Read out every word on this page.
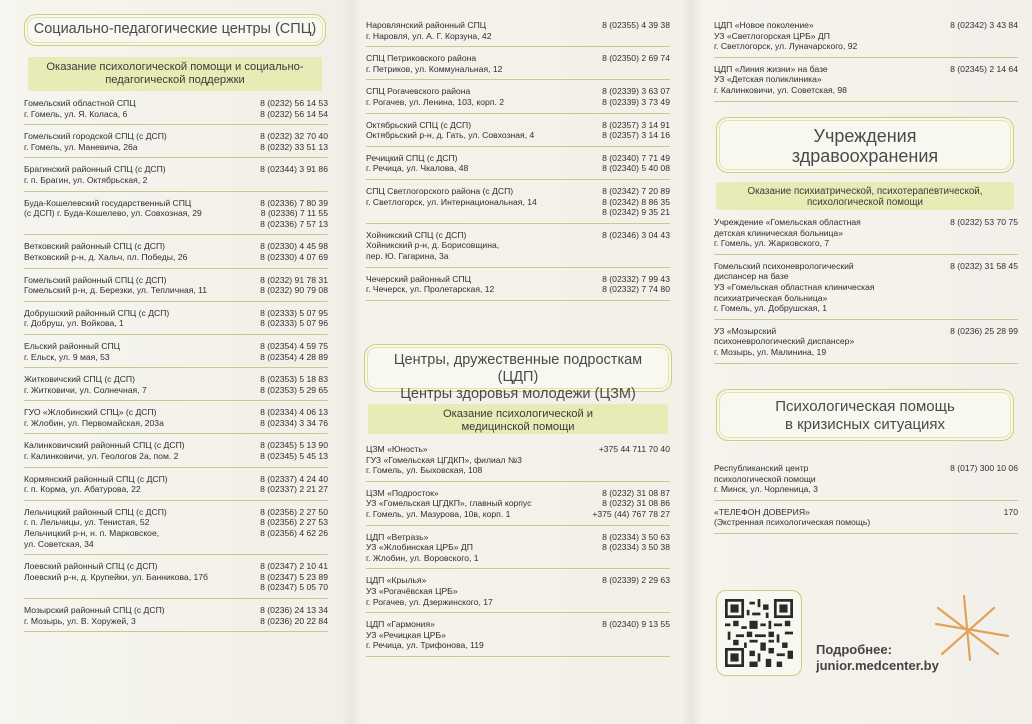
Социально-педагогические центры (СПЦ)
Оказание психологической помощи и социально-педагогической поддержки
Гомельский областной СПЦ
г. Гомель, ул. Я. Коласа, 6
8 (0232) 56 14 53
8 (0232) 56 14 54
Гомельский городской СПЦ (с ДСП)
г. Гомель, ул. Маневича, 26а
8 (0232) 32 70 40
8 (0232) 33 51 13
Брагинский районный СПЦ (с ДСП)
г. п. Брагин, ул. Октябрьская, 2
8 (02344) 3 91 86
Буда-Кошелевский государственный СПЦ
(с ДСП) г. Буда-Кошелево, ул. Совхозная, 29
8 (02336) 7 80 39
8 (02336) 7 11 55
8 (02336) 7 57 13
Ветковский районный СПЦ (с ДСП)
Ветковский р-н, д. Хальч, пл. Победы, 26
8 (02330) 4 45 98
8 (02330) 4 07 69
Гомельский районный СПЦ (с ДСП)
Гомельский р-н, д. Березки, ул. Тепличная, 11
8 (0232) 91 78 31
8 (0232) 90 79 08
Добрушский районный СПЦ (с ДСП)
г. Добруш, ул. Войкова, 1
8 (02333) 5 07 95
8 (02333) 5 07 96
Ельский районный СПЦ
г. Ельск, ул. 9 мая, 53
8 (02354) 4 59 75
8 (02354) 4 28 89
Житковичский СПЦ (с ДСП)
г. Житковичи, ул. Солнечная, 7
8 (02353) 5 18 83
8 (02353) 5 29 65
ГУО «Жлобинский СПЦ» (с ДСП)
г. Жлобин, ул. Первомайская, 203а
8 (02334) 4 06 13
8 (02334) 3 34 76
Калинковичский районный СПЦ (с ДСП)
г. Калинковичи, ул. Геологов 2а, пом. 2
8 (02345) 5 13 90
8 (02345) 5 45 13
Кормянский районный СПЦ (с ДСП)
г. п. Корма, ул. Абатурова, 22
8 (02337) 4 24 40
8 (02337) 2 21 27
Лельчицкий районный СПЦ (с ДСП)
г. п. Лельчицы, ул. Тенистая, 52
Лельчицкий р-н, н. п. Марковское,
ул. Советская, 34
8 (02356) 2 27 50
8 (02356) 2 27 53
8 (02356) 4 62 26
Лоевский районный СПЦ (с ДСП)
Лоевский р-н, д. Крупейки, ул. Банникова, 17б
8 (02347) 2 10 41
8 (02347) 5 23 89
8 (02347) 5 05 70
Мозырский районный СПЦ (с ДСП)
г. Мозырь, ул. В. Хоружей, 3
8 (0236) 24 13 34
8 (0236) 20 22 84
Наровлянский районный СПЦ
г. Наровля, ул. А. Г. Корзуна, 42
8 (02355) 4 39 38
СПЦ Петриковского района
г. Петриков, ул. Коммунальная, 12
8 (02350) 2 69 74
СПЦ Рогачевского района
г. Рогачев, ул. Ленина, 103, корп. 2
8 (02339) 3 63 07
8 (02339) 3 73 49
Октябрьский СПЦ (с ДСП)
Октябрьский р-н, д. Гать, ул. Совхозная, 4
8 (02357) 3 14 91
8 (02357) 3 14 16
Речицкий СПЦ (с ДСП)
г. Речица, ул. Чкалова, 48
8 (02340) 7 71 49
8 (02340) 5 40 08
СПЦ Светлогорского района (с ДСП)
г. Светлогорск, ул. Интернациональная, 14
8 (02342) 7 20 89
8 (02342) 8 86 35
8 (02342) 9 35 21
Хойникский СПЦ (с ДСП)
Хойникский р-н, д. Борисовщина,
пер. Ю. Гагарина, 3а
8 (02346) 3 04 43
Чечерский районный СПЦ
г. Чечерск, ул. Пролетарская, 12
8 (02332) 7 99 43
8 (02332) 7 74 80
Центры, дружественные подросткам (ЦДП)
Центры здоровья молодежи (ЦЗМ)
Оказание психологической и
медицинской помощи
ЦЗМ «Юность»
ГУЗ «Гомельская ЦГДКП», филиал №3
г. Гомель, ул. Быховская, 108
+375 44 711 70 40
ЦЗМ «Подросток»
УЗ «Гомельская ЦГДКП», главный корпус
г. Гомель, ул. Мазурова, 10в, корп. 1
8 (0232) 31 08 87
8 (0232) 31 08 86
+375 (44) 767 78 27
ЦДП «Ветразь»
УЗ «Жлобинская ЦРБ» ДП
г. Жлобин, ул. Воровского, 1
8 (02334) 3 50 63
8 (02334) 3 50 38
ЦДП «Крылья»
УЗ «Рогачёвская ЦРБ»
г. Рогачев, ул. Дзержинского, 17
8 (02339) 2 29 63
ЦДП «Гармония»
УЗ «Речицкая ЦРБ»
г. Речица, ул. Трифонова, 119
8 (02340) 9 13 55
ЦДП «Новое поколение»
УЗ «Светлогорская ЦРБ» ДП
г. Светлогорск, ул. Луначарского, 92
8 (02342) 3 43 84
ЦДП «Линия жизни» на базе
УЗ «Детская поликлиника»
г. Калинковичи, ул. Советская, 98
8 (02345) 2 14 64
Учреждения
здравоохранения
Оказание психиатрической, психотерапевтической,
психологической помощи
Учреждение «Гомельская областная
детская клиническая больница»
г. Гомель, ул. Жарковского, 7
8 (0232) 53 70 75
Гомельский психоневрологический
диспансер на базе
УЗ «Гомельская областная клиническая
психиатрическая больница»
г. Гомель, ул. Добрушская, 1
8 (0232) 31 58 45
УЗ «Мозырский
психоневрологический диспансер»
г. Мозырь, ул. Малинина, 19
8 (0236) 25 28 99
Психологическая помощь
в кризисных ситуациях
Республиканский центр
психологической помощи
г. Минск, ул. Чорленица, 3
8 (017) 300 10 06
«ТЕЛЕФОН ДОВЕРИЯ»
(Экстренная психологическая помощь)
170
Подробнее:
junior.medcenter.by
